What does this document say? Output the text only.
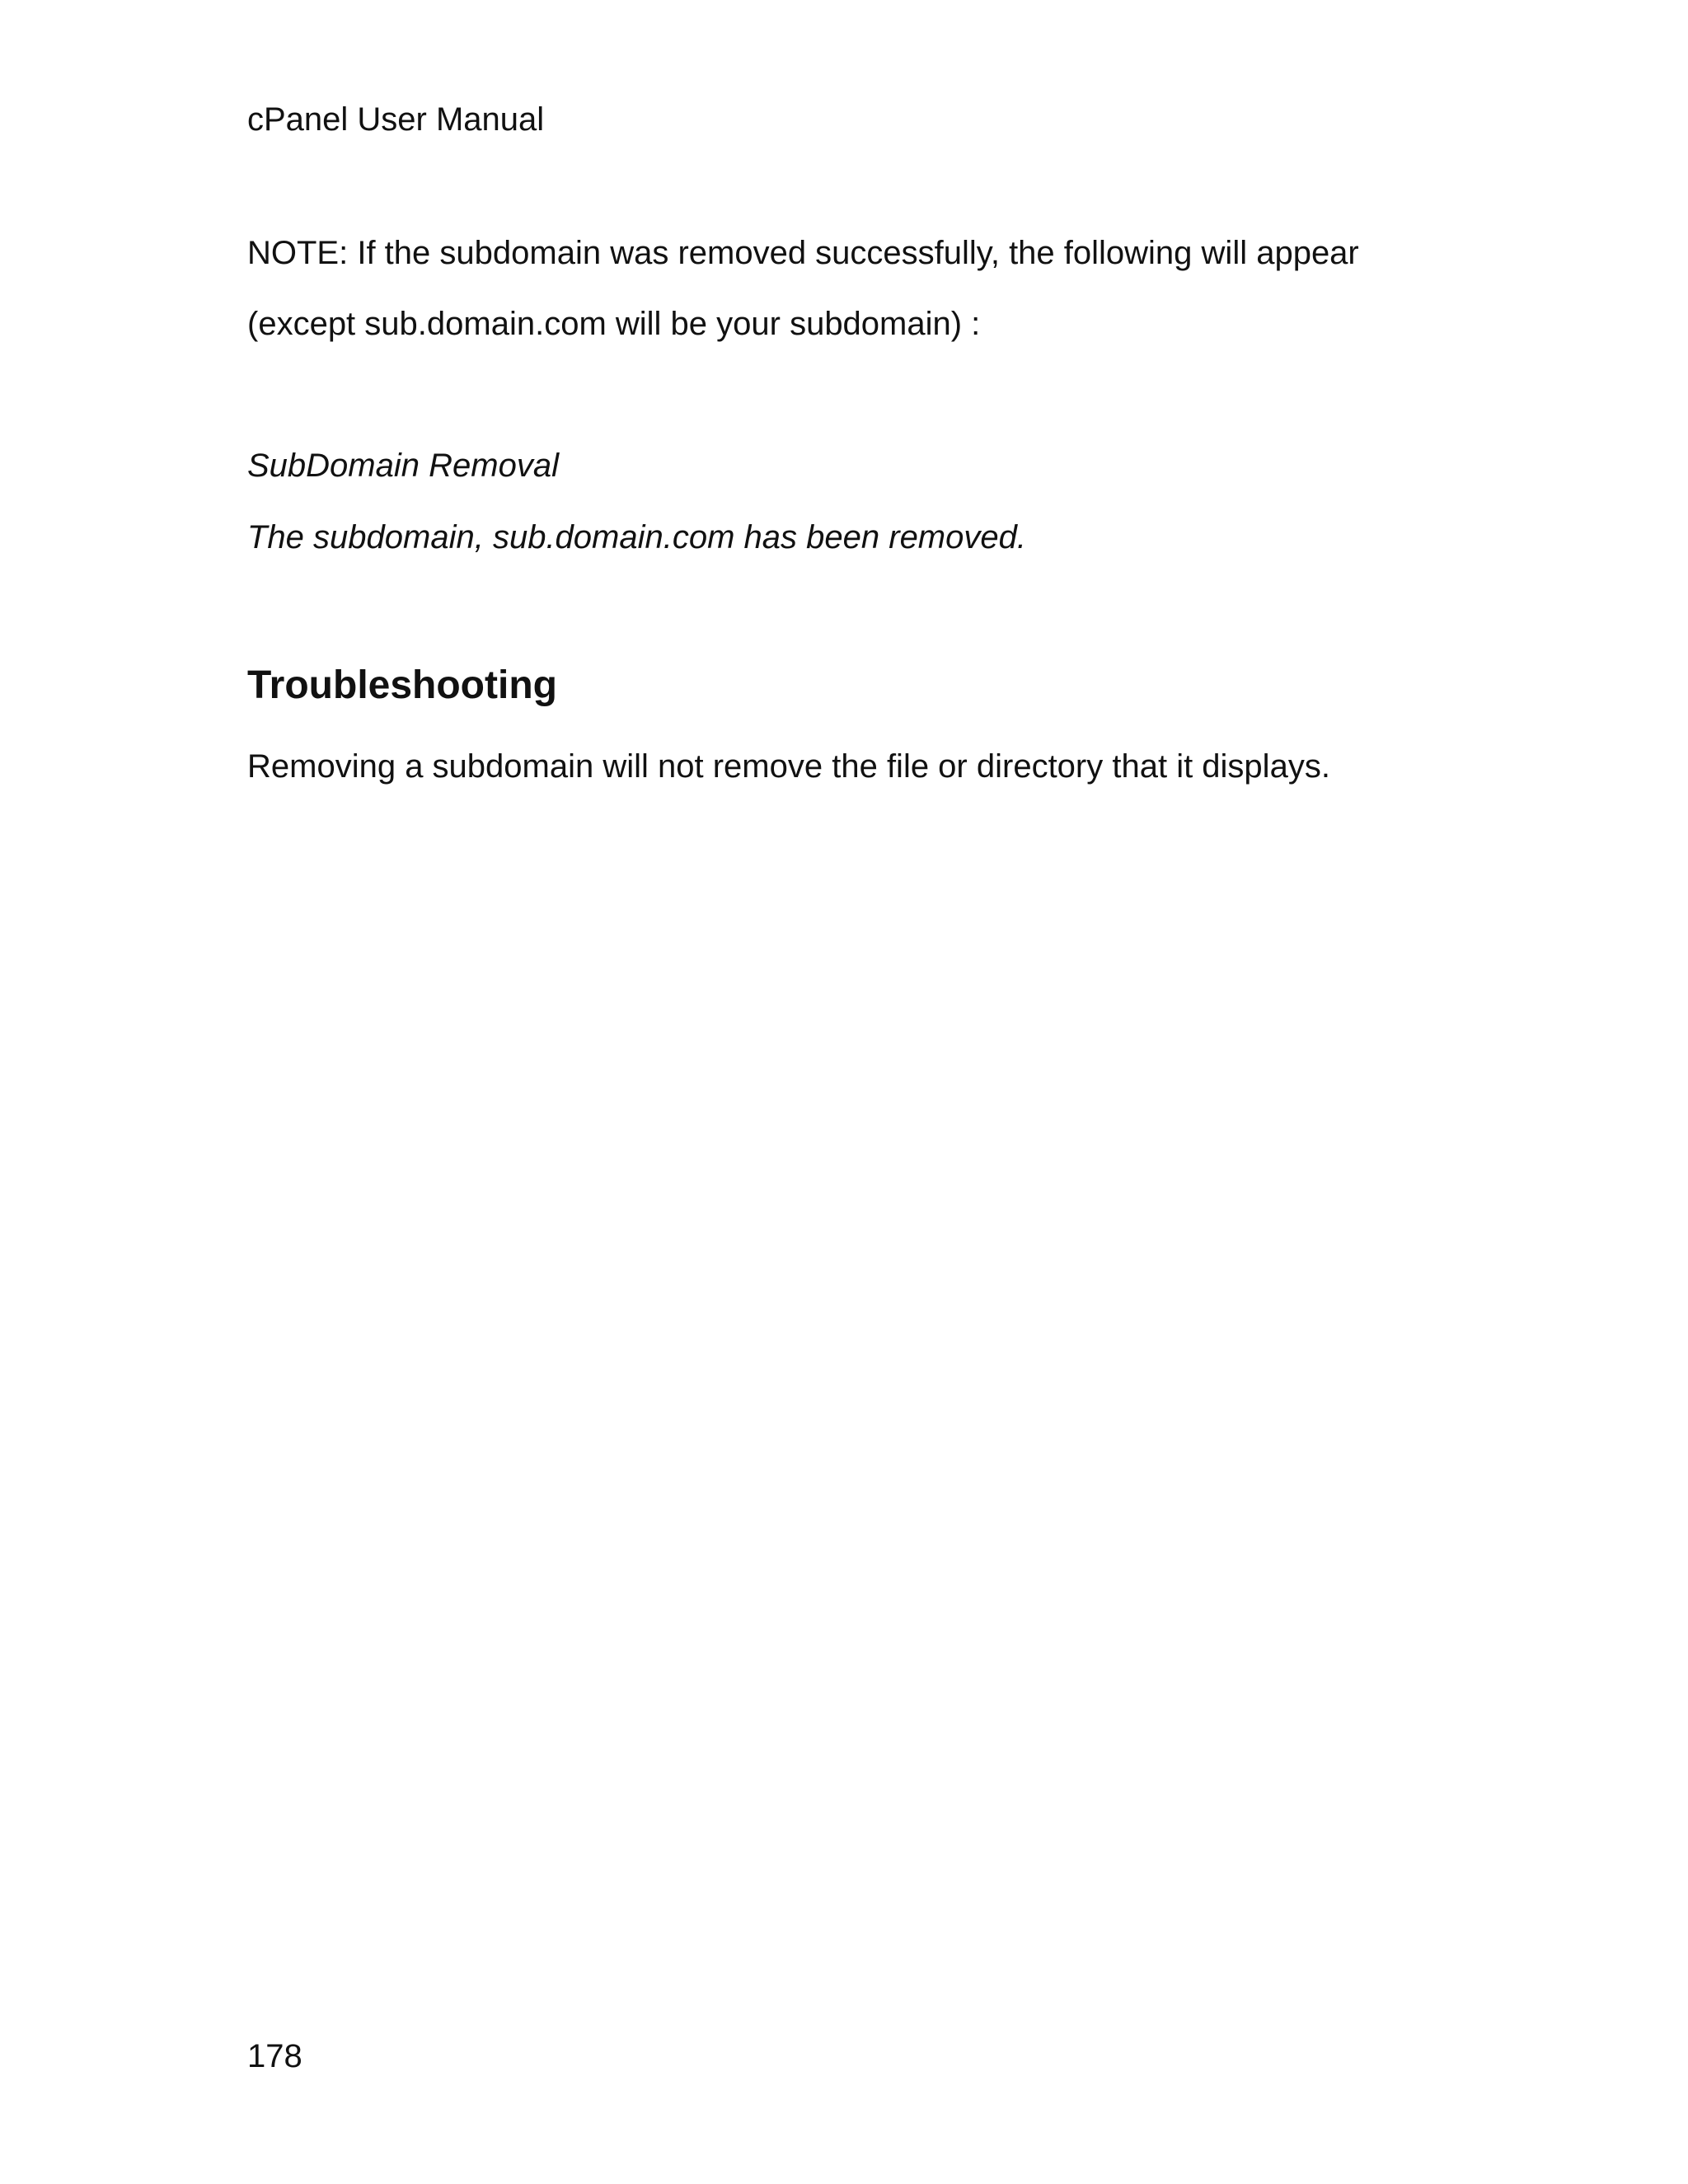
cPanel User Manual
NOTE: If the subdomain was removed successfully, the following will appear
(except sub.domain.com will be your subdomain) :
SubDomain Removal
The subdomain, sub.domain.com has been removed.
Troubleshooting
Removing a subdomain will not remove the file or directory that it displays.
178
